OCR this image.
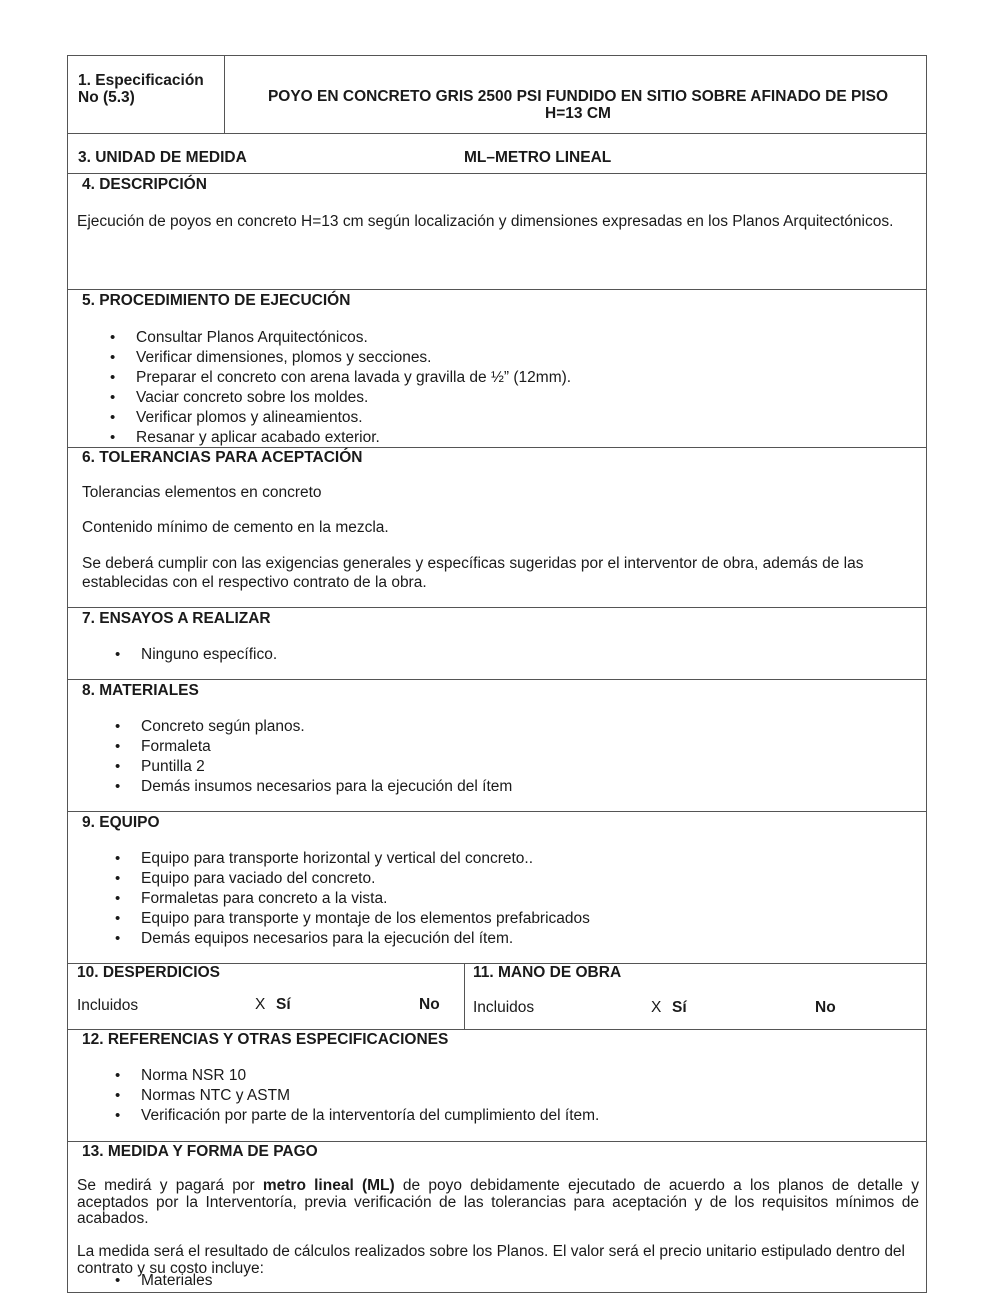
1. Especificación No (5.3)	POYO EN CONCRETO GRIS 2500 PSI FUNDIDO EN SITIO SOBRE AFINADO DE PISO
H=13 CM
3. UNIDAD DE MEDIDA	ML–METRO LINEAL
4. DESCRIPCIÓN
Ejecución de poyos en concreto H=13 cm según localización y dimensiones expresadas en los Planos Arquitectónicos.
5. PROCEDIMIENTO DE EJECUCIÓN
• Consultar Planos Arquitectónicos.
• Verificar dimensiones, plomos y secciones.
• Preparar el concreto con arena lavada y gravilla de ½” (12mm).
• Vaciar concreto sobre los moldes.
• Verificar plomos y alineamientos.
• Resanar y aplicar acabado exterior.
6. TOLERANCIAS PARA ACEPTACIÓN
Tolerancias elementos en concreto
Contenido mínimo de cemento en la mezcla.
Se deberá cumplir con las exigencias generales y específicas sugeridas por el interventor de obra, además de las establecidas con el respectivo contrato de la obra.
7. ENSAYOS A REALIZAR
• Ninguno específico.
8. MATERIALES
• Concreto según planos.
• Formaleta
• Puntilla 2
• Demás insumos necesarios para la ejecución del ítem
9. EQUIPO
• Equipo para transporte horizontal y vertical del concreto..
• Equipo para vaciado del concreto.
• Formaletas para concreto a la vista.
• Equipo para transporte y montaje de los elementos prefabricados
• Demás equipos necesarios para la ejecución del ítem.
10. DESPERDICIOS
Incluidos	X Sí	No
11. MANO DE OBRA
Incluidos	X Sí	No
12. REFERENCIAS Y OTRAS ESPECIFICACIONES
• Norma NSR 10
• Normas NTC y ASTM
• Verificación por parte de la interventoría del cumplimiento del ítem.
13. MEDIDA Y FORMA DE PAGO
Se medirá y pagará por metro lineal (ML) de poyo debidamente ejecutado de acuerdo a los planos de detalle y aceptados por la Interventoría, previa verificación de las tolerancias para aceptación y de los requisitos mínimos de acabados.
La medida será el resultado de cálculos realizados sobre los Planos. El valor será el precio unitario estipulado dentro del contrato y su costo incluye:
• Materiales
